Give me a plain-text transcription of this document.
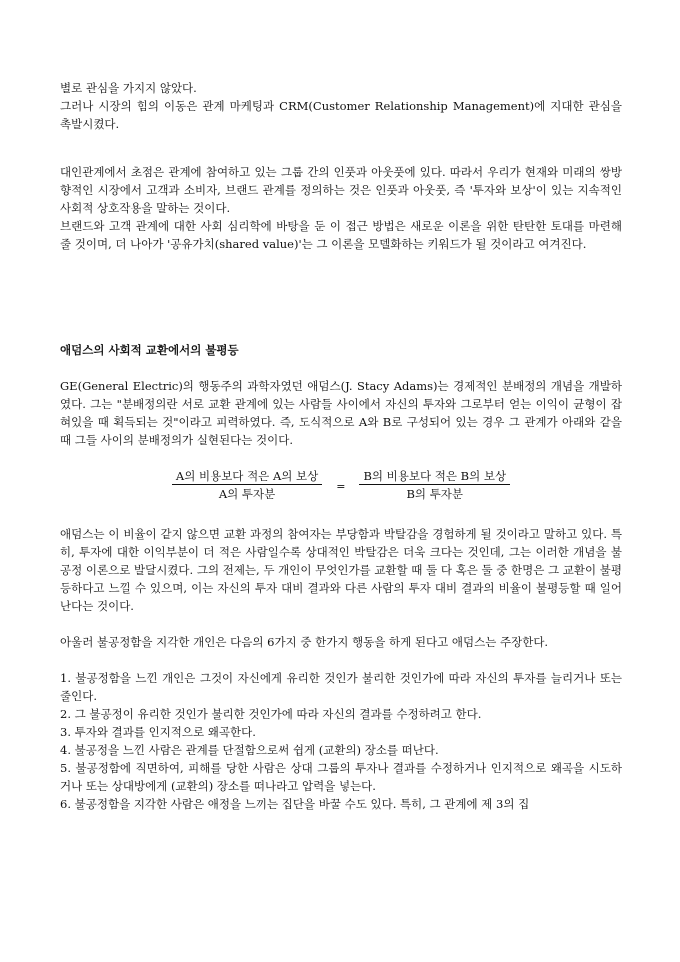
별로 관심을 가지지 않았다.

그러나 시장의 힘의 이동은 관계 마케팅과 CRM(Customer Relationship Management)에 지대한 관심을 촉발시켰다.

대인관계에서 초점은 관계에 참여하고 있는 그룹 간의 인풋과 아웃풋에 있다. 따라서 우리가 현재와 미래의 쌍방향적인 시장에서 고객과 소비자, 브랜드 관계를 정의하는 것은 인풋과 아웃풋, 즉 '투자와 보상'이 있는 지속적인 사회적 상호작용을 말하는 것이다.

브랜드와 고객 관계에 대한 사회 심리학에 바탕을 둔 이 접근 방법은 새로운 이론을 위한 탄탄한 토대를 마련해 줄 것이며, 더 나아가 '공유가치(shared value)'는 그 이론을 모델화하는 키워드가 될 것이라고 여겨진다.

애덤스의 사회적 교환에서의 불평등

GE(General Electric)의 행동주의 과학자였던 애덤스(J. Stacy Adams)는 경제적인 분배정의 개념을 개발하였다. 그는 "분배정의란 서로 교환 관계에 있는 사람들 사이에서 자신의 투자와 그로부터 얻는 이익이 균형이 잡혀있을 때 획득되는 것"이라고 피력하였다. 즉, 도식적으로 A와 B로 구성되어 있는 경우 그 관계가 아래와 같을 때 그들 사이의 분배정의가 실현된다는 것이다.

$\frac{\text{A의 비용보다 적은 A의 보상}}{\text{A의 투자분}} = \frac{\text{B의 비용보다 적은 B의 보상}}{\text{B의 투자분}}$

애덤스는 이 비율이 같지 않으면 교환 과정의 참여자는 부당함과 박탈감을 경험하게 될 것이라고 말하고 있다. 특히, 투자에 대한 이익부분이 더 적은 사람일수록 상대적인 박탈감은 더욱 크다는 것인데, 그는 이러한 개념을 불공정 이론으로 발달시켰다. 그의 전제는, 두 개인이 무엇인가를 교환할 때 둘 다 혹은 둘 중 한명은 그 교환이 불평등하다고 느낄 수 있으며, 이는 자신의 투자 대비 결과와 다른 사람의 투자 대비 결과의 비율이 불평등할 때 일어난다는 것이다.

아울러 불공정함을 지각한 개인은 다음의 6가지 중 한가지 행동을 하게 된다고 애덤스는 주장한다.

1. 불공정함을 느낀 개인은 그것이 자신에게 유리한 것인가 불리한 것인가에 따라 자신의 투자를 늘리거나 또는 줄인다.
2. 그 불공정이 유리한 것인가 불리한 것인가에 따라 자신의 결과를 수정하려고 한다.
3. 투자와 결과를 인지적으로 왜곡한다.
4. 불공정을 느낀 사람은 관계를 단절함으로써 쉽게 (교환의) 장소를 떠난다.
5. 불공정함에 직면하여, 피해를 당한 사람은 상대 그룹의 투자나 결과를 수정하거나 인지적으로 왜곡을 시도하거나 또는 상대방에게 (교환의) 장소를 떠나라고 압력을 넣는다.
6. 불공정함을 지각한 사람은 애정을 느끼는 집단을 바꿀 수도 있다. 특히, 그 관계에 제 3의 집
